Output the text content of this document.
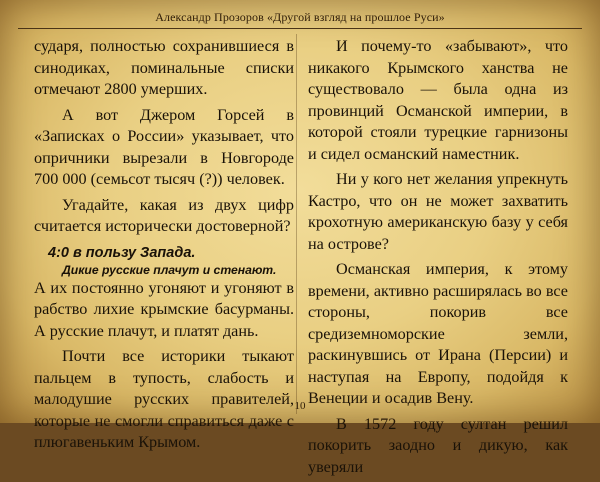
Александр Прозоров «Другой взгляд на прошлое Руси»

сударя, полностью сохранившиеся в синодиках, поминальные списки отмечают 2800 умерших.

А вот Джером Горсей в «Записках о России» указывает, что опричники вырезали в Новгороде 700 000 (семьсот тысяч (?)) человек.

Угадайте, какая из двух цифр считается исторически достоверной?

4:0 в пользу Запада.
Дикие русские плачут и стенают.

А их постоянно угоняют и угоняют в рабство лихие крымские басурманы. А русские плачут, и платят дань.

Почти все историки тыкают пальцем в тупость, слабость и малодушие русских правителей, которые не смогли справиться даже с плюгавеньким Крымом.

И почему-то «забывают», что никакого Крымского ханства не существовало — была одна из провинций Османской империи, в которой стояли турецкие гарнизоны и сидел османский наместник.

Ни у кого нет желания упрекнуть Кастро, что он не может захватить крохотную американскую базу у себя на острове?

Османская империя, к этому времени, активно расширялась во все стороны, покорив все средиземноморские земли, раскинувшись от Ирана (Персии) и наступая на Европу, подойдя к Венеции и осадив Вену.

В 1572 году султан решил покорить заодно и дикую, как уверяли

10
